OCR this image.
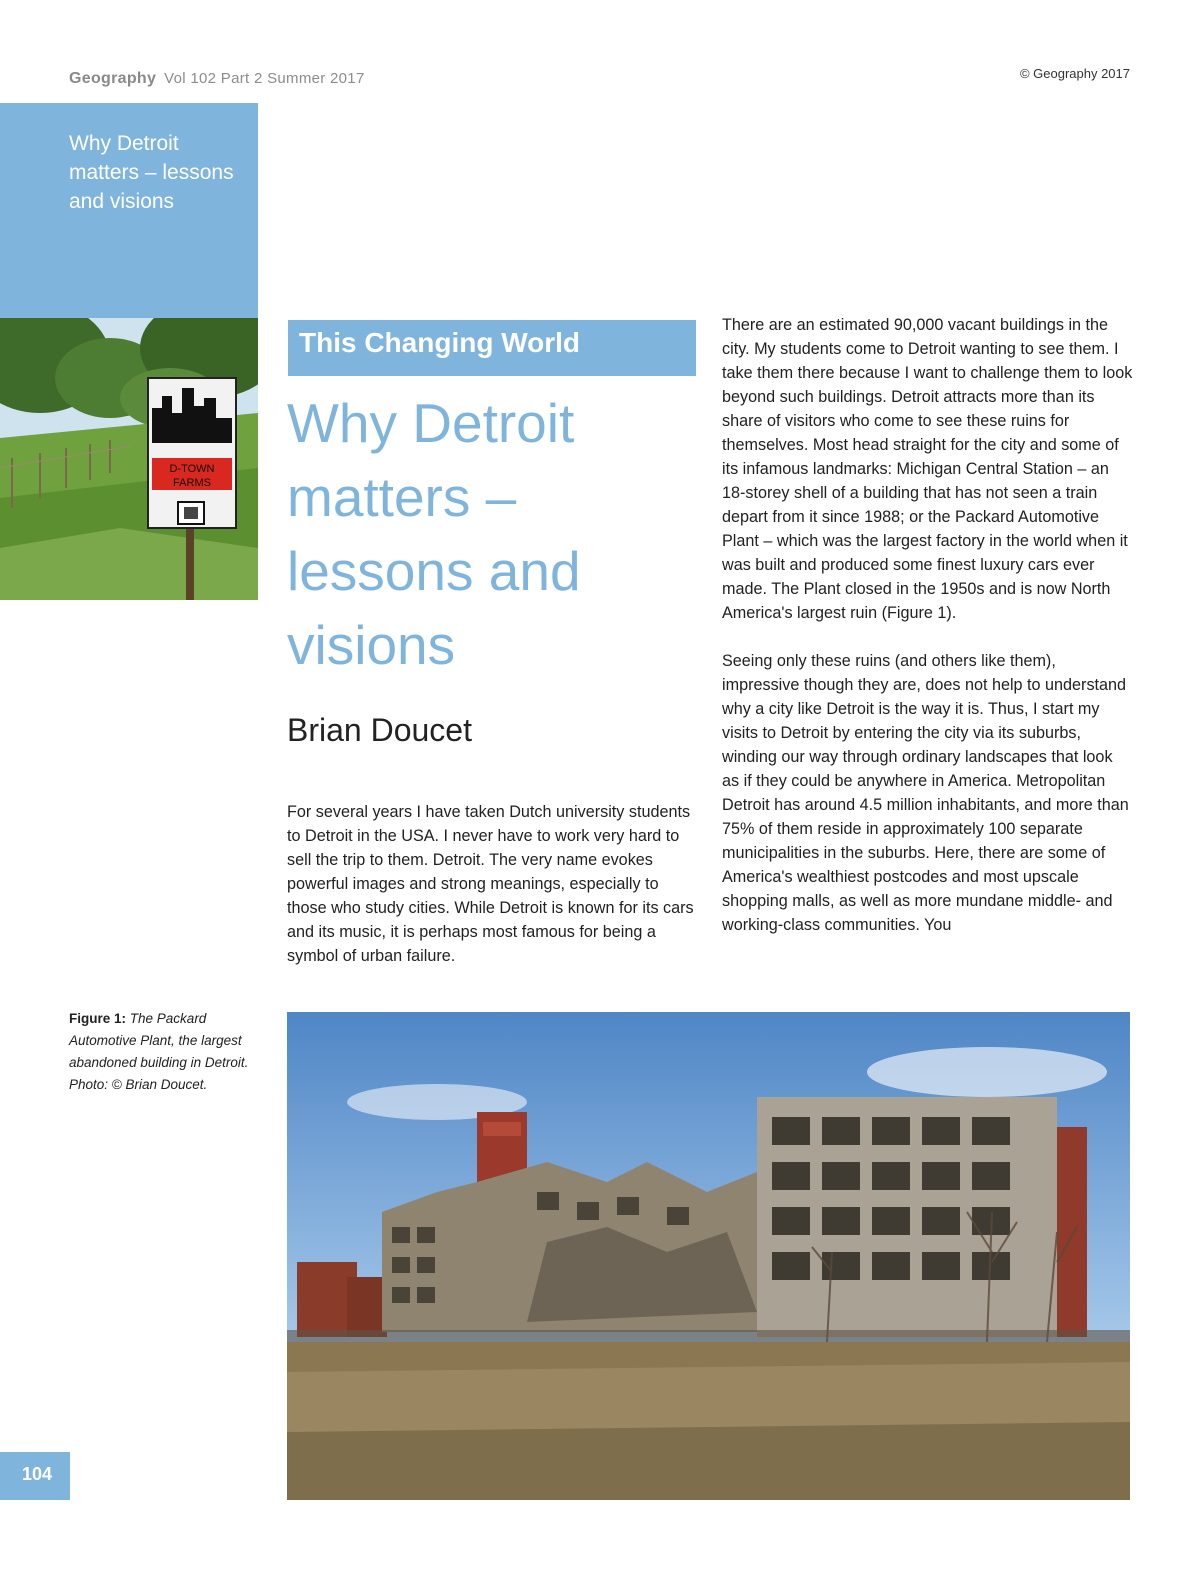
Geography Vol 102 Part 2 Summer 2017	© Geography 2017
Why Detroit matters – lessons and visions
D-TOWN
FARMS
This Changing World
Why Detroit matters – lessons and visions
Brian Doucet

For several years I have taken Dutch university students to Detroit in the USA. I never have to work very hard to sell the trip to them. Detroit. The very name evokes powerful images and strong meanings, especially to those who study cities. While Detroit is known for its cars and its music, it is perhaps most famous for being a symbol of urban failure.

There are an estimated 90,000 vacant buildings in the city. My students come to Detroit wanting to see them. I take them there because I want to challenge them to look beyond such buildings. Detroit attracts more than its share of visitors who come to see these ruins for themselves. Most head straight for the city and some of its infamous landmarks: Michigan Central Station – an 18-storey shell of a building that has not seen a train depart from it since 1988; or the Packard Automotive Plant – which was the largest factory in the world when it was built and produced some finest luxury cars ever made. The Plant closed in the 1950s and is now North America's largest ruin (Figure 1).

Seeing only these ruins (and others like them), impressive though they are, does not help to understand why a city like Detroit is the way it is. Thus, I start my visits to Detroit by entering the city via its suburbs, winding our way through ordinary landscapes that look as if they could be anywhere in America. Metropolitan Detroit has around 4.5 million inhabitants, and more than 75% of them reside in approximately 100 separate municipalities in the suburbs. Here, there are some of America's wealthiest postcodes and most upscale shopping malls, as well as more mundane middle- and working-class communities. You

Figure 1: The Packard Automotive Plant, the largest abandoned building in Detroit. Photo: © Brian Doucet.
104
